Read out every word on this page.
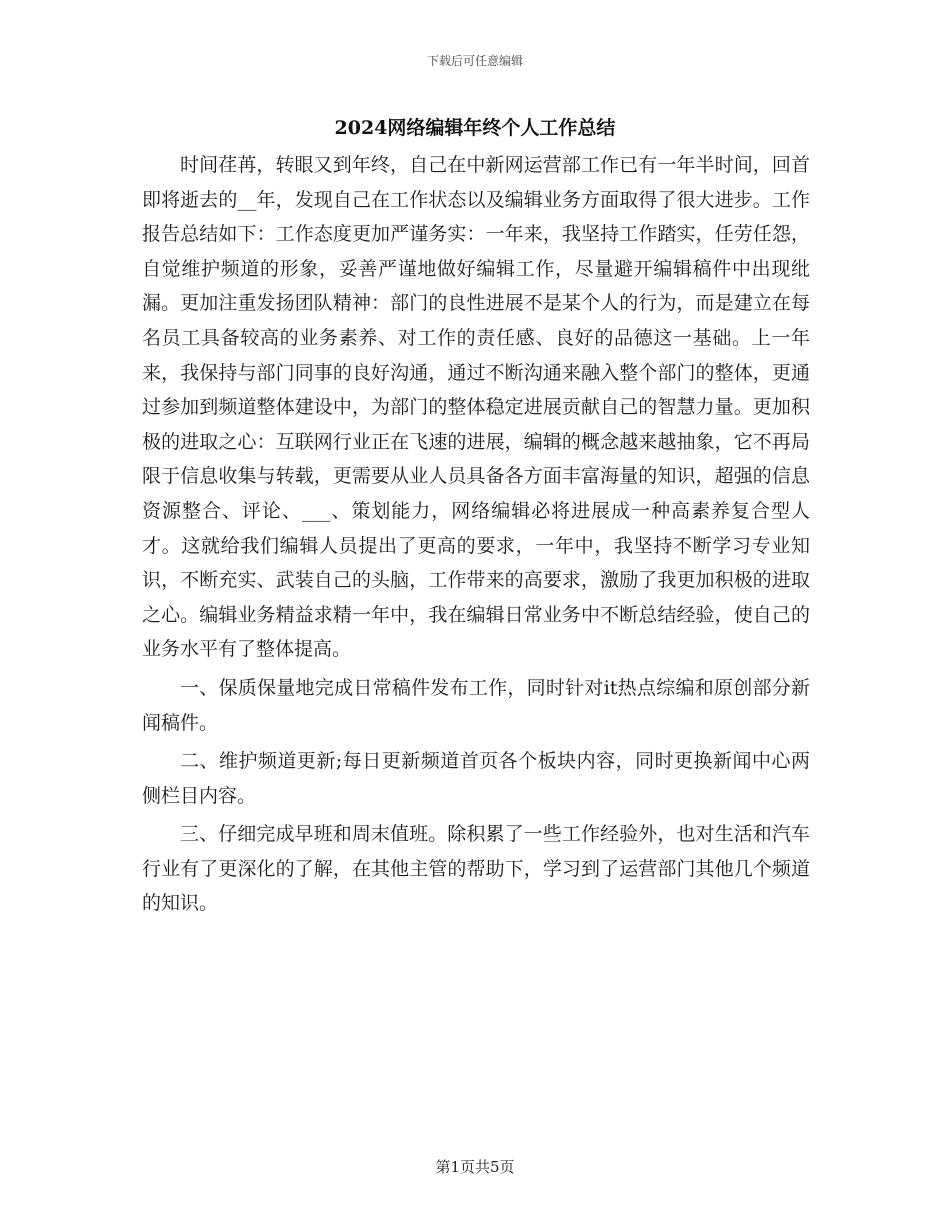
下载后可任意编辑
2024网络编辑年终个人工作总结

时间荏苒，转眼又到年终，自己在中新网运营部工作已有一年半时间，回首即将逝去的__年，发现自己在工作状态以及编辑业务方面取得了很大进步。工作报告总结如下：工作态度更加严谨务实：一年来，我坚持工作踏实，任劳任怨，自觉维护频道的形象，妥善严谨地做好编辑工作，尽量避开编辑稿件中出现纰漏。更加注重发扬团队精神：部门的良性进展不是某个人的行为，而是建立在每名员工具备较高的业务素养、对工作的责任感、良好的品德这一基础。上一年来，我保持与部门同事的良好沟通，通过不断沟通来融入整个部门的整体，更通过参加到频道整体建设中，为部门的整体稳定进展贡献自己的智慧力量。更加积极的进取之心：互联网行业正在飞速的进展，编辑的概念越来越抽象，它不再局限于信息收集与转载，更需要从业人员具备各方面丰富海量的知识，超强的信息资源整合、评论、___、策划能力，网络编辑必将进展成一种高素养复合型人才。这就给我们编辑人员提出了更高的要求，一年中，我坚持不断学习专业知识，不断充实、武装自己的头脑，工作带来的高要求，激励了我更加积极的进取之心。编辑业务精益求精一年中，我在编辑日常业务中不断总结经验，使自己的业务水平有了整体提高。

一、保质保量地完成日常稿件发布工作，同时针对it热点综编和原创部分新闻稿件。

二、维护频道更新;每日更新频道首页各个板块内容，同时更换新闻中心两侧栏目内容。

三、仔细完成早班和周末值班。除积累了一些工作经验外，也对生活和汽车行业有了更深化的了解，在其他主管的帮助下，学习到了运营部门其他几个频道的知识。

第1页共5页
